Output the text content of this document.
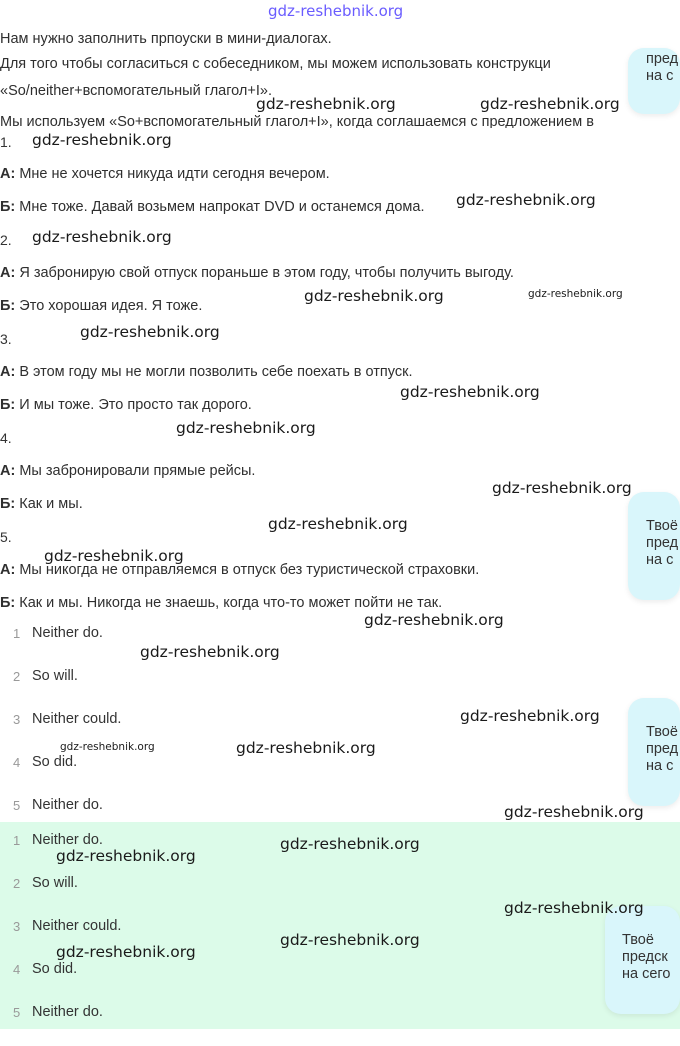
gdz-reshebnik.org
Нам нужно заполнить прпоуски в мини-диалогах.
Для того чтобы согласиться с собеседником, мы можем использовать конструкци
«So/neither+вспомогательный глагол+I».
Мы используем «So+вспомогательный глагол+I», когда соглашаемся с предложением в
1.
А: Мне не хочется никуда идти сегодня вечером.
Б: Мне тоже. Давай возьмем напрокат DVD и останемся дома.
2.
А: Я забронирую свой отпуск пораньше в этом году, чтобы получить выгоду.
Б: Это хорошая идея. Я тоже.
3.
А: В этом году мы не могли позволить себе поехать в отпуск.
Б: И мы тоже. Это просто так дорого.
4.
А: Мы забронировали прямые рейсы.
Б: Как и мы.
5.
А: Мы никогда не отправляемся в отпуск без туристической страховки.
Б: Как и мы. Никогда не знаешь, когда что-то может пойти не так.
1 Neither do.
2 So will.
3 Neither could.
4 So did.
5 Neither do.
1 Neither do.
2 So will.
3 Neither could.
4 So did.
5 Neither do.
пред
на с
Твоё
пред
на с
Твоё
пред
на с
Твоё
предск
на сего
gdz-reshebnik.org	gdz-reshebnik.org
gdz-reshebnik.org
gdz-reshebnik.org
gdz-reshebnik.org
gdz-reshebnik.org	gdz-reshebnik.org
gdz-reshebnik.org
gdz-reshebnik.org
gdz-reshebnik.org
gdz-reshebnik.org
gdz-reshebnik.org
gdz-reshebnik.org
gdz-reshebnik.org
gdz-reshebnik.org
gdz-reshebnik.org
gdz-reshebnik.org	gdz-reshebnik.org
gdz-reshebnik.org
gdz-reshebnik.org
gdz-reshebnik.org
gdz-reshebnik.org
gdz-reshebnik.org
gdz-reshebnik.org
